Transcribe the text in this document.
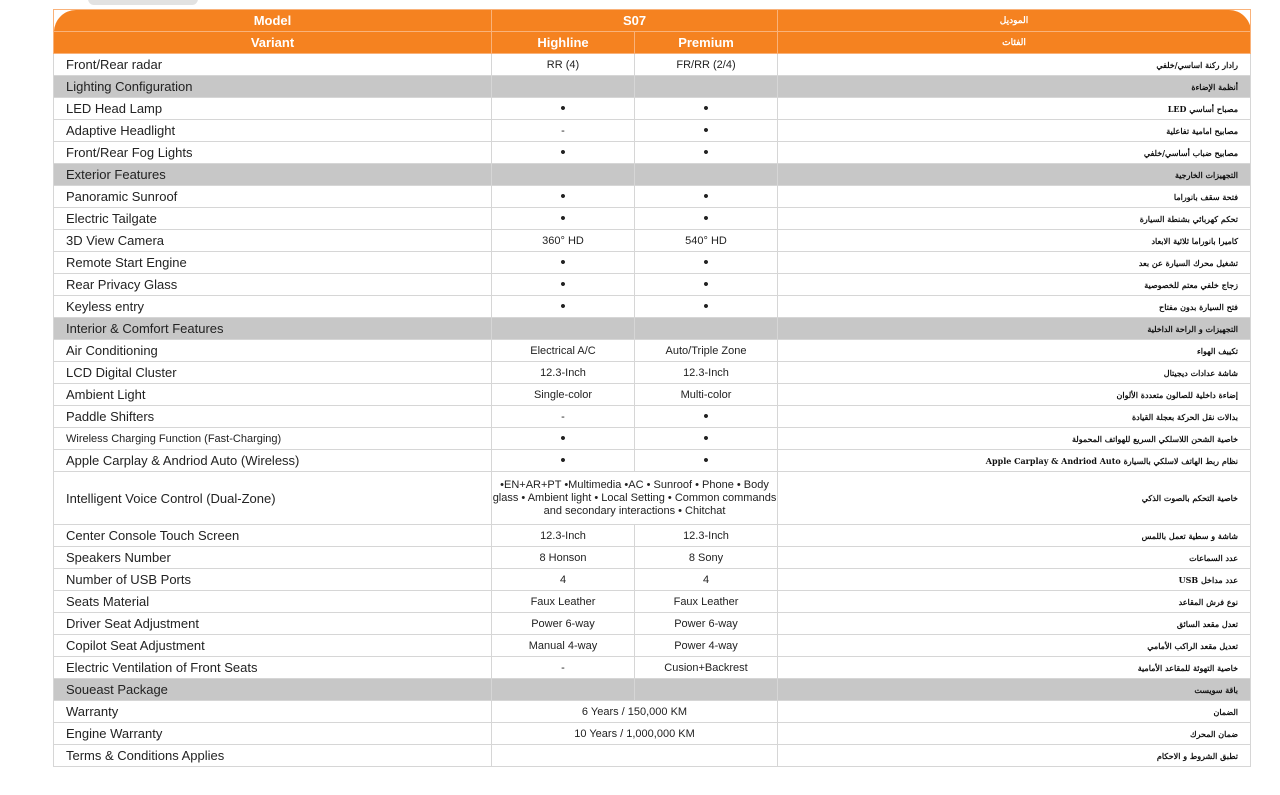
Model	S07		الموديل
Variant	Highline	Premium	الفئات
Front/Rear radar	RR (4)	FR/RR (2/4)	رادار ركنة اساسي/خلفي
Lighting Configuration			أنظمة الإضاءة
LED Head Lamp	•	•	مصباح أساسي LED
Adaptive Headlight	-	•	مصابيح امامية تفاعلية
Front/Rear Fog Lights	•	•	مصابيح ضباب أساسي/خلفي
Exterior Features			التجهيزات الخارجية
Panoramic Sunroof	•	•	فتحة سقف بانوراما
Electric Tailgate	•	•	تحكم كهربائي بشنطة السيارة
3D View Camera	360° HD	540° HD	كاميرا بانوراما ثلاثية الابعاد
Remote Start Engine	•	•	تشغيل محرك السيارة عن بعد
Rear Privacy Glass	•	•	زجاج خلفي معتم للخصوصية
Keyless entry	•	•	فتح السيارة بدون مفتاح
Interior & Comfort Features			التجهيزات و الراحة الداخلية
Air Conditioning	Electrical A/C	Auto/Triple Zone	تكييف الهواء
LCD Digital Cluster	12.3-Inch	12.3-Inch	شاشة عدادات ديجيتال
Ambient Light	Single-color	Multi-color	إضاءة داخلية للصالون متعددة الألوان
Paddle Shifters	-	•	بدالات نقل الحركة بعجلة القيادة
Wireless Charging Function (Fast-Charging)	•	•	خاصية الشحن اللاسلكي السريع للهواتف المحمولة
Apple Carplay & Andriod Auto (Wireless)	•	•	نظام ربط الهاتف لاسلكي بالسيارة Apple Carplay & Andriod Auto
Intelligent Voice Control (Dual-Zone)	•EN+AR+PT •Multimedia •AC • Sunroof • Phone • Body glass • Ambient light • Local Setting • Common commands and secondary interactions • Chitchat		خاصية التحكم بالصوت الذكي
Center Console Touch Screen	12.3-Inch	12.3-Inch	شاشة و سطية تعمل باللمس
Speakers Number	8 Honson	8 Sony	عدد السماعات
Number of USB Ports	4	4	عدد مداخل USB
Seats Material	Faux Leather	Faux Leather	نوع فرش المقاعد
Driver Seat Adjustment	Power 6-way	Power 6-way	تعدل مقعد السائق
Copilot Seat Adjustment	Manual 4-way	Power 4-way	تعديل مقعد الراكب الأمامي
Electric Ventilation of Front Seats	-	Cusion+Backrest	خاصية التهوئة للمقاعد الأمامية
Soueast Package			باقة سويست
Warranty	6 Years / 150,000 KM		الضمان
Engine Warranty	10 Years / 1,000,000 KM		ضمان المحرك
Terms & Conditions Applies			تطبق الشروط و الاحكام
